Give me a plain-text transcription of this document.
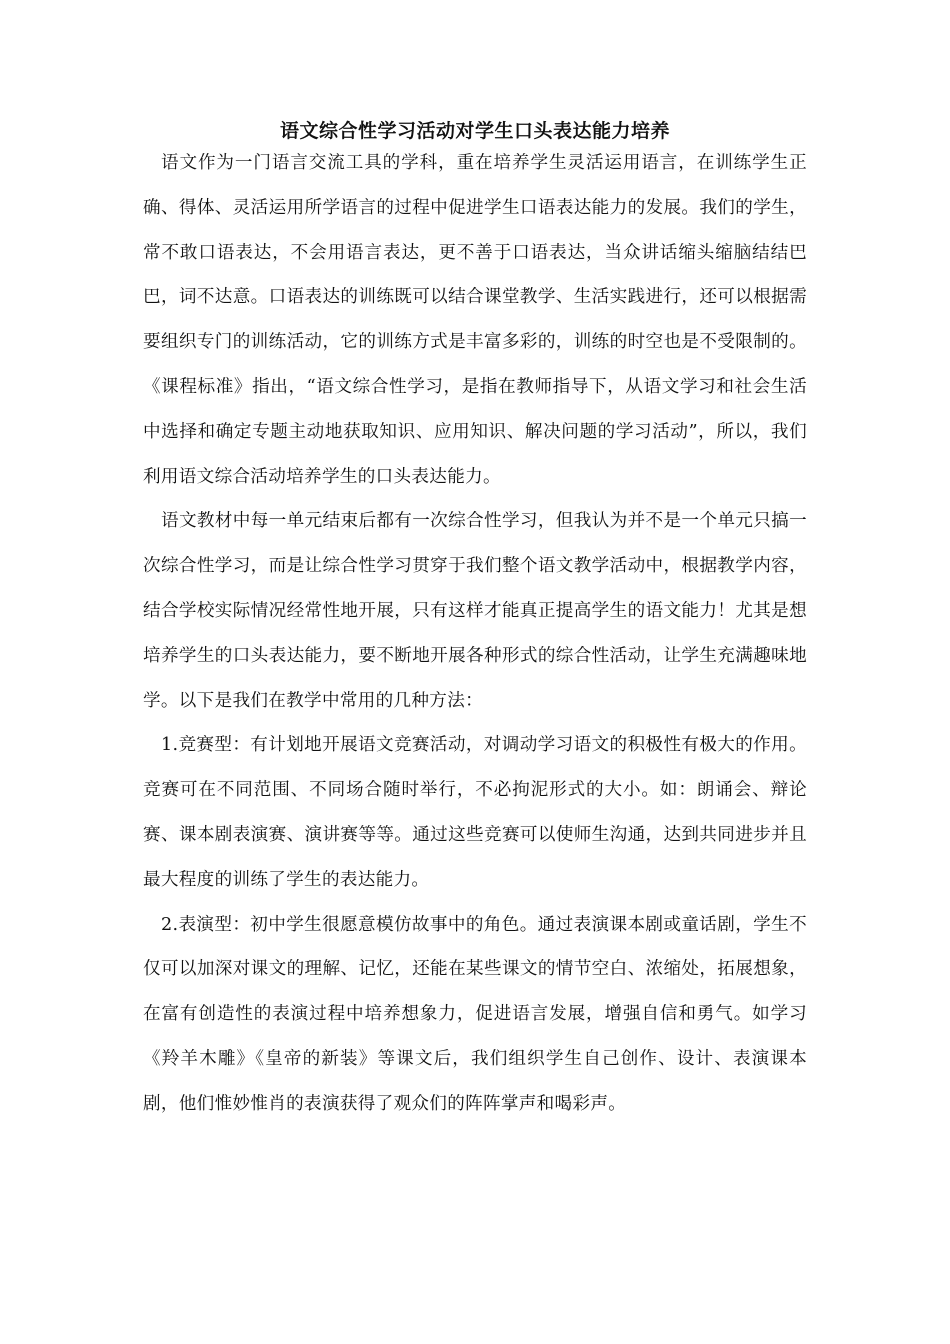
语文综合性学习活动对学生口头表达能力培养

语文作为一门语言交流工具的学科，重在培养学生灵活运用语言，在训练学生正确、得体、灵活运用所学语言的过程中促进学生口语表达能力的发展。我们的学生，常不敢口语表达，不会用语言表达，更不善于口语表达，当众讲话缩头缩脑结结巴巴，词不达意。口语表达的训练既可以结合课堂教学、生活实践进行，还可以根据需要组织专门的训练活动，它的训练方式是丰富多彩的，训练的时空也是不受限制的。《课程标准》指出，“语文综合性学习，是指在教师指导下，从语文学习和社会生活中选择和确定专题主动地获取知识、应用知识、解决问题的学习活动”，所以，我们利用语文综合活动培养学生的口头表达能力。

语文教材中每一单元结束后都有一次综合性学习，但我认为并不是一个单元只搞一次综合性学习，而是让综合性学习贯穿于我们整个语文教学活动中，根据教学内容，结合学校实际情况经常性地开展，只有这样才能真正提高学生的语文能力！尤其是想培养学生的口头表达能力，要不断地开展各种形式的综合性活动，让学生充满趣味地学。以下是我们在教学中常用的几种方法：

1.竞赛型：有计划地开展语文竞赛活动，对调动学习语文的积极性有极大的作用。竞赛可在不同范围、不同场合随时举行，不必拘泥形式的大小。如：朗诵会、辩论赛、课本剧表演赛、演讲赛等等。通过这些竞赛可以使师生沟通，达到共同进步并且最大程度的训练了学生的表达能力。

2.表演型：初中学生很愿意模仿故事中的角色。通过表演课本剧或童话剧，学生不仅可以加深对课文的理解、记忆，还能在某些课文的情节空白、浓缩处，拓展想象，在富有创造性的表演过程中培养想象力，促进语言发展，增强自信和勇气。如学习《羚羊木雕》《皇帝的新装》等课文后，我们组织学生自己创作、设计、表演课本剧，他们惟妙惟肖的表演获得了观众们的阵阵掌声和喝彩声。
